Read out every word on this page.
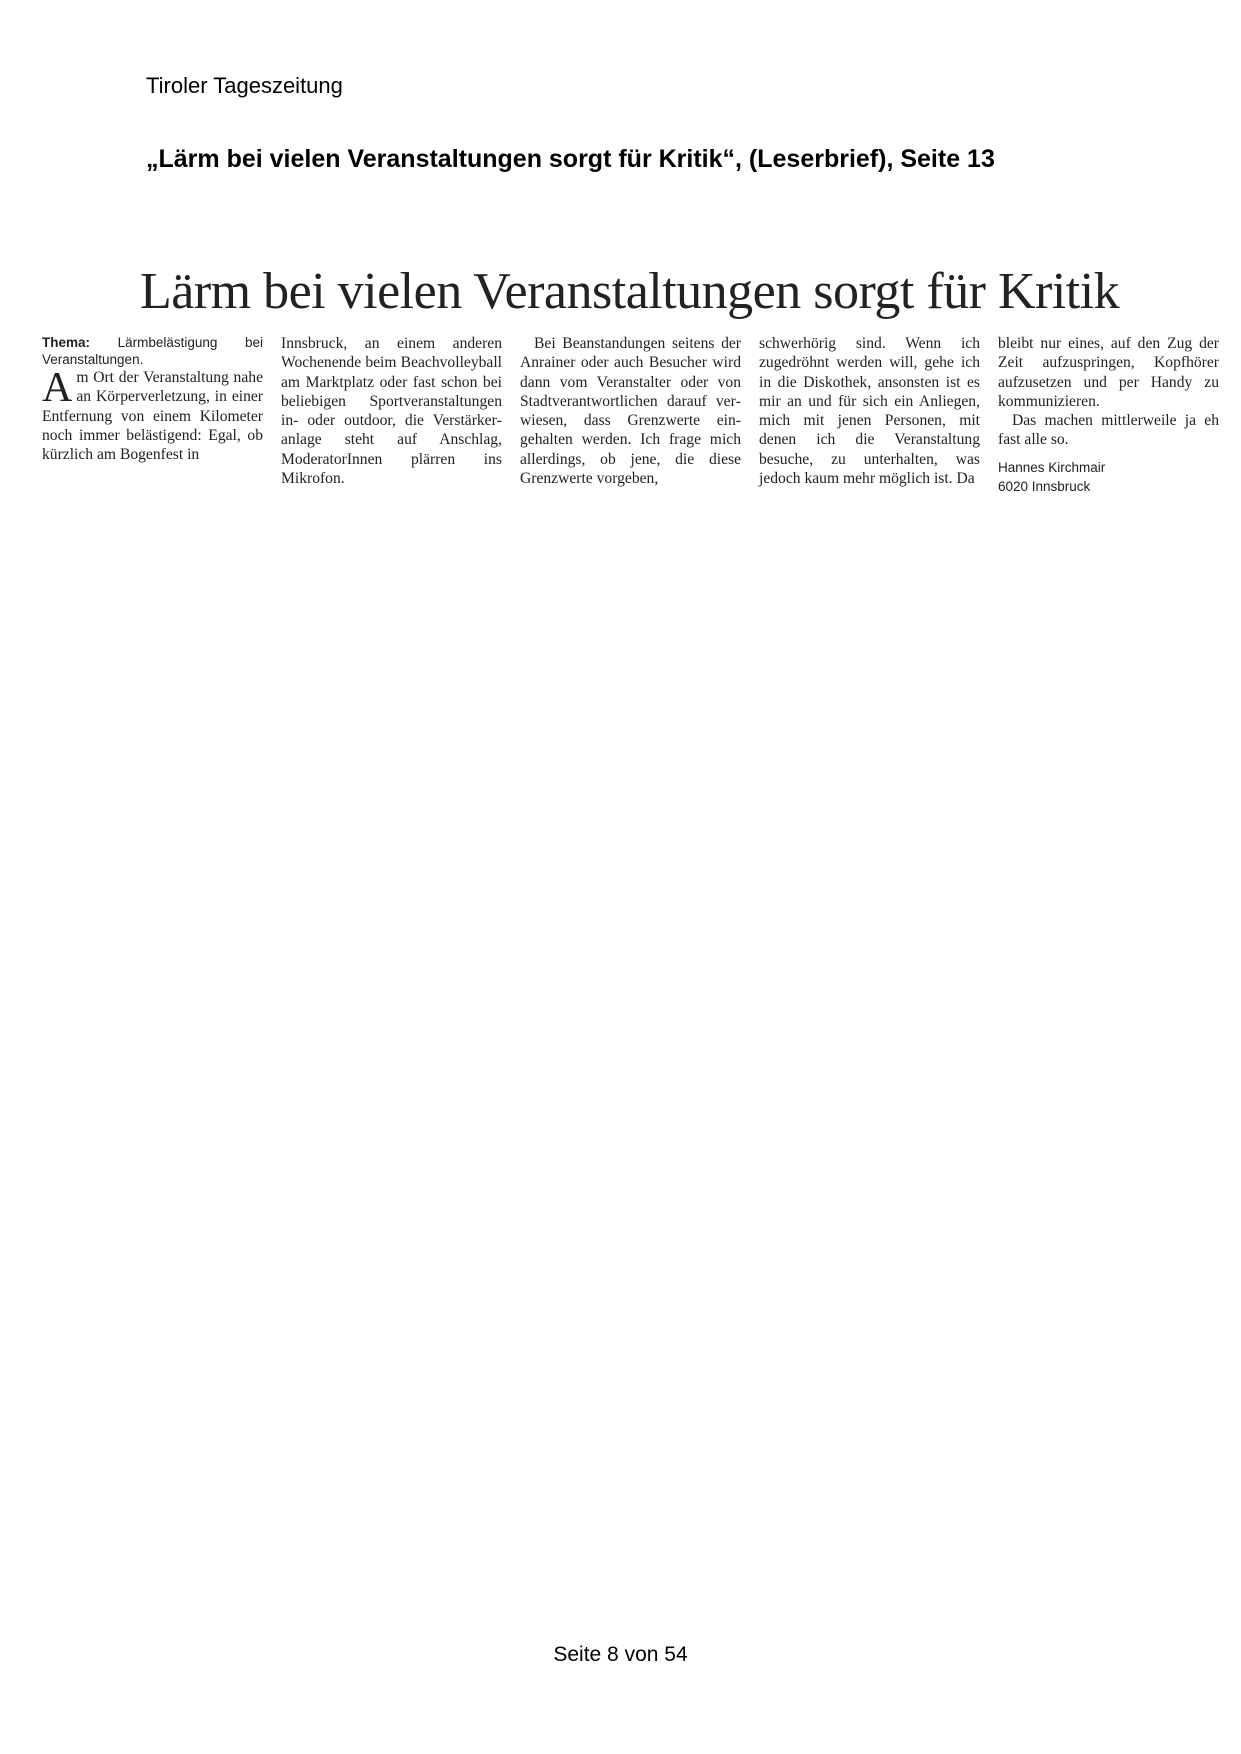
Tiroler Tageszeitung
„Lärm bei vielen Veranstaltungen sorgt für Kritik“, (Leserbrief), Seite 13
Lärm bei vielen Veranstaltungen sorgt für Kritik

Thema: Lärmbelästigung bei Veranstaltungen.

Am Ort der Veranstaltung nahe an Körperverletzung, in einer Entfernung von einem Kilometer noch immer belästigend: Egal, ob kürzlich am Bogenfest in

Innsbruck, an einem anderen Wochenende beim Beachvolleyball am Marktplatz oder fast schon bei beliebigen Sportveranstaltungen in- oder outdoor, die Verstärkeranlage steht auf Anschlag, ModeratorInnen plärren ins Mikrofon.

Bei Beanstandungen seitens der Anrainer oder auch Besucher wird dann vom Veranstalter oder von Stadtverantwortlichen darauf verwiesen, dass Grenzwerte eingehalten werden. Ich frage mich allerdings, ob jene, die diese Grenzwerte vorgeben,

schwerhörig sind. Wenn ich zugedröhnt werden will, gehe ich in die Diskothek, ansonsten ist es mir an und für sich ein Anliegen, mich mit jenen Personen, mit denen ich die Veranstaltung besuche, zu unterhalten, was jedoch kaum mehr möglich ist. Da

bleibt nur eines, auf den Zug der Zeit aufzuspringen, Kopfhörer aufzusetzen und per Handy zu kommunizieren.

Das machen mittlerweile ja eh fast alle so.

Hannes Kirchmair
6020 Innsbruck
Seite 8 von 54
